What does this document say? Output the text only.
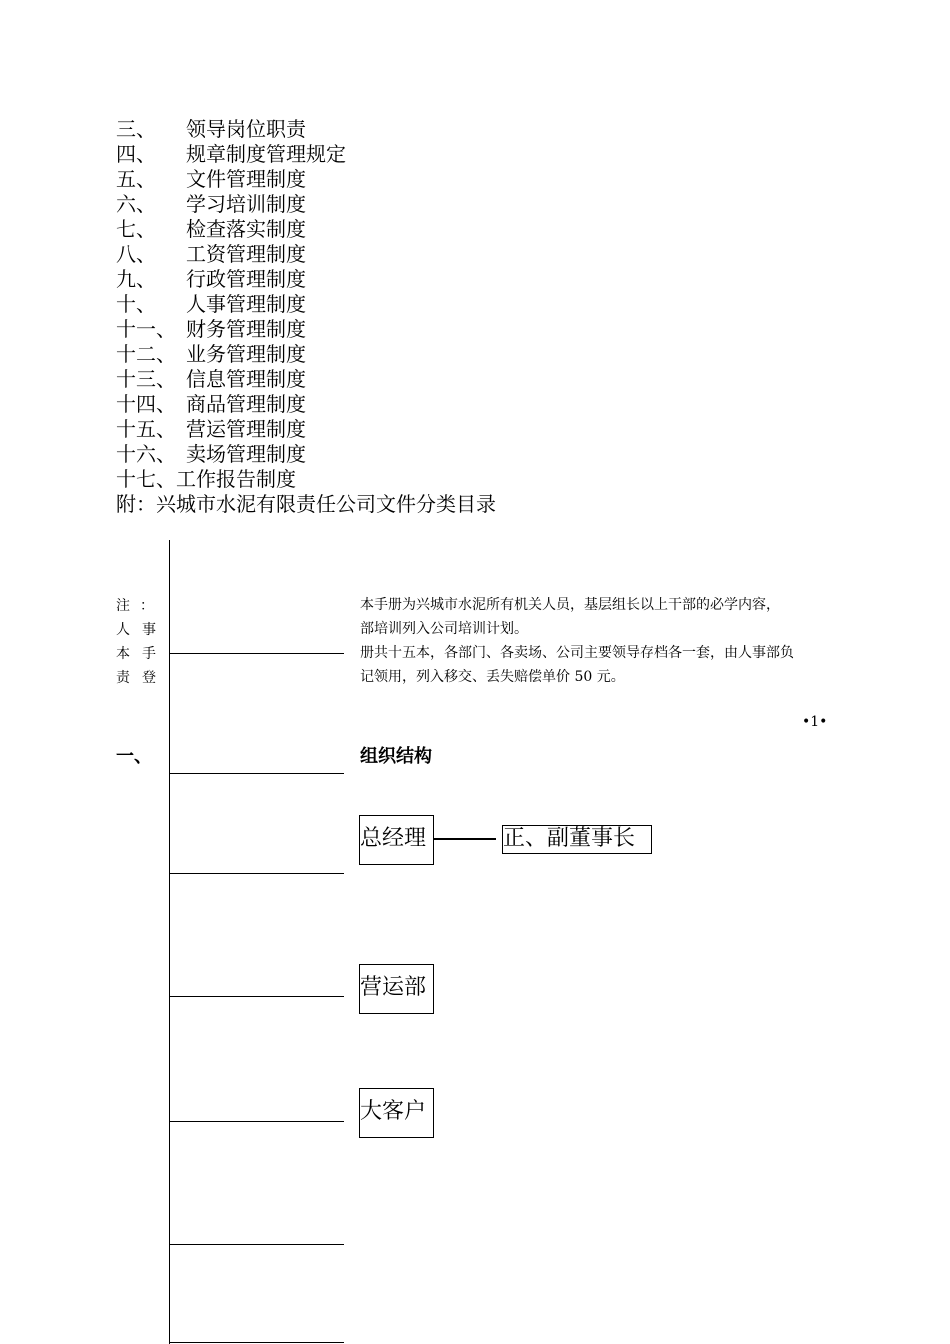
三、 领导岗位职责
四、 规章制度管理规定
五、 文件管理制度
六、 学习培训制度
七、 检查落实制度
八、 工资管理制度
九、 行政管理制度
十、 人事管理制度
十一、 财务管理制度
十二、 业务管理制度
十三、 信息管理制度
十四、 商品管理制度
十五、 营运管理制度
十六、 卖场管理制度
十七、工作报告制度
附：兴城市水泥有限责任公司文件分类目录
注 ：
人 事
本 手
责 登
本手册为兴城市水泥所有机关人员，基层组长以上干部的必学内容，
部培训列入公司培训计划。
册共十五本，各部门、各卖场、公司主要领导存档各一套，由人事部负
记领用，列入移交、丢失赔偿单价 50 元。
•1•
一、	组织结构
总经理	正、副董事长
营运部
大客户
